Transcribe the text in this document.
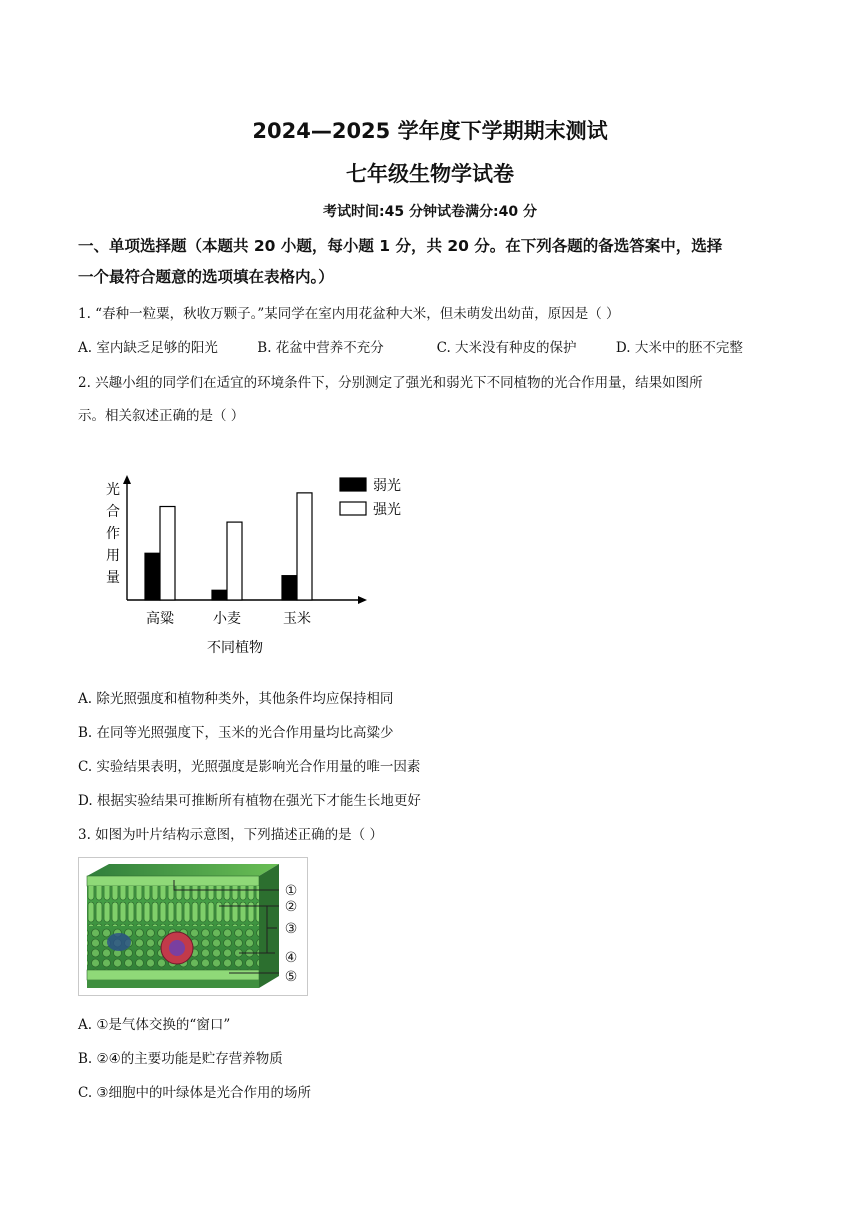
2024—2025 学年度下学期期末测试
七年级生物学试卷
考试时间:45 分钟试卷满分:40 分
一、单项选择题（本题共 20 小题，每小题 1 分，共 20 分。在下列各题的备选答案中，选择
一个最符合题意的选项填在表格内。）
1. “春种一粒粟，秋收万颗子。”某同学在室内用花盆种大米，但未萌发出幼苗，原因是（ ）
A. 室内缺乏足够的阳光	B. 花盆中营养不充分	C. 大米没有种皮的保护	D. 大米中的胚不完整
2. 兴趣小组的同学们在适宜的环境条件下，分别测定了强光和弱光下不同植物的光合作用量，结果如图所
示。相关叙述正确的是（ ）
光
合
作
用
量
高粱	小麦	玉米
不同植物
弱光
强光
A. 除光照强度和植物种类外，其他条件均应保持相同
B. 在同等光照强度下，玉米的光合作用量均比高粱少
C. 实验结果表明，光照强度是影响光合作用量的唯一因素
D. 根据实验结果可推断所有植物在强光下才能生长地更好
3. 如图为叶片结构示意图，下列描述正确的是（ ）
①
②
③
④
⑤
A. ①是气体交换的“窗口”
B. ②④的主要功能是贮存营养物质
C. ③细胞中的叶绿体是光合作用的场所
